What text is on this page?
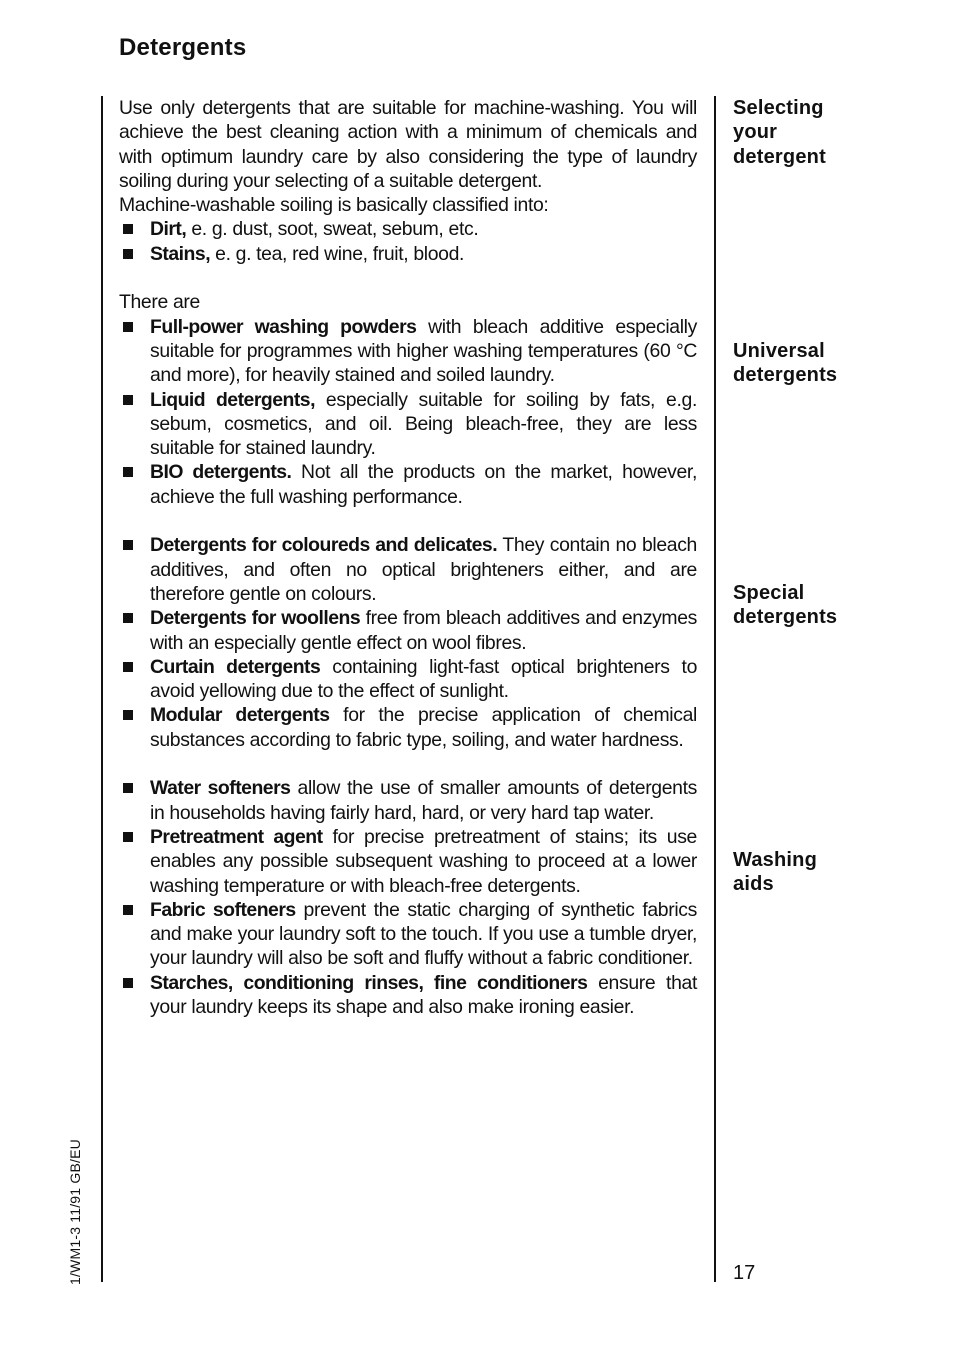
Detergents

Use only detergents that are suitable for machine-washing. You will achieve the best cleaning action with a minimum of chemicals and with optimum laundry care by also considering the type of laundry soiling during your selecting of a suitable detergent.

Machine-washable soiling is basically classified into:

Dirt, e. g. dust, soot, sweat, sebum, etc.
Stains, e. g. tea, red wine, fruit, blood.

There are

Full-power washing powders with bleach additive especially suitable for programmes with higher washing temperatures (60 °C and more), for heavily stained and soiled laundry.
Liquid detergents, especially suitable for soiling by fats, e.g. sebum, cosmetics, and oil. Being bleach-free, they are less suitable for stained laundry.
BIO detergents. Not all the products on the market, however, achieve the full washing performance.
Detergents for coloureds and delicates. They contain no bleach additives, and often no optical brighteners either, and are therefore gentle on colours.
Detergents for woollens free from bleach additives and enzymes with an especially gentle effect on wool fibres.
Curtain detergents containing light-fast optical brighteners to avoid yellowing due to the effect of sunlight.
Modular detergents for the precise application of chemical substances according to fabric type, soiling, and water hardness.
Water softeners allow the use of smaller amounts of detergents in households having fairly hard, hard, or very hard tap water.
Pretreatment agent for precise pretreatment of stains; its use enables any possible subsequent washing to proceed at a lower washing temperature or with bleach-free detergents.
Fabric softeners prevent the static charging of synthetic fabrics and make your laundry soft to the touch. If you use a tumble dryer, your laundry will also be soft and fluffy without a fabric conditioner.
Starches, conditioning rinses, fine conditioners ensure that your laundry keeps its shape and also make ironing easier.
Selecting
your
detergent
Universal
detergents
Special
detergents
Washing
aids
17
1/WM1-3 11/91 GB/EU
